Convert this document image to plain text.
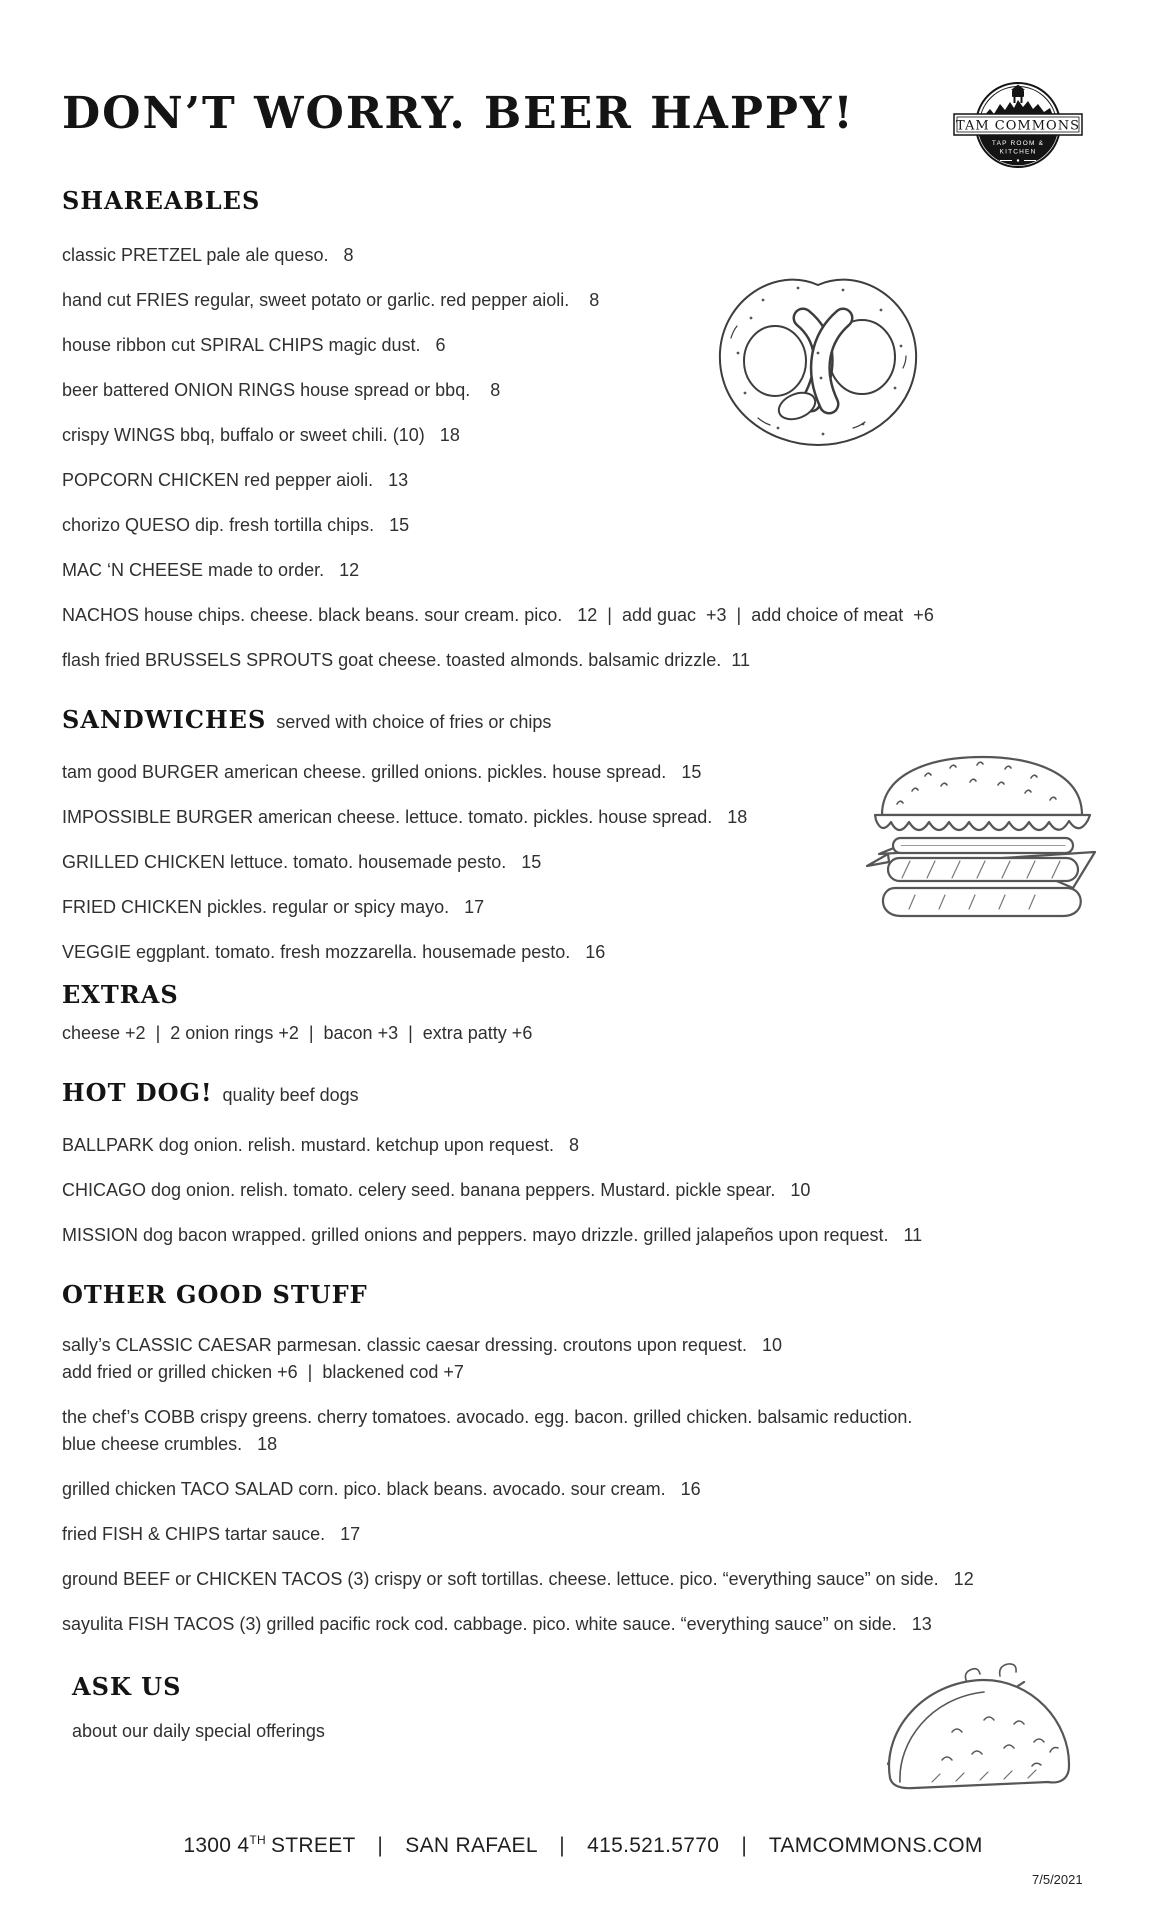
DON’T WORRY. BEER HAPPY!	TAM COMMONS
TAP ROOM &
KITCHEN
SHAREABLES
classic PRETZEL pale ale queso.   8
hand cut FRIES regular, sweet potato or garlic. red pepper aioli.    8
house ribbon cut SPIRAL CHIPS magic dust.   6
beer battered ONION RINGS house spread or bbq.    8
crispy WINGS bbq, buffalo or sweet chili. (10)   18
POPCORN CHICKEN red pepper aioli.   13
chorizo QUESO dip. fresh tortilla chips.   15
MAC ‘N CHEESE made to order.   12
NACHOS house chips. cheese. black beans. sour cream. pico.   12  |  add guac  +3  |  add choice of meat  +6
flash fried BRUSSELS SPROUTS goat cheese. toasted almonds. balsamic drizzle.  11
SANDWICHES served with choice of fries or chips
tam good BURGER american cheese. grilled onions. pickles. house spread.   15
IMPOSSIBLE BURGER american cheese. lettuce. tomato. pickles. house spread.   18
GRILLED CHICKEN lettuce. tomato. housemade pesto.   15
FRIED CHICKEN pickles. regular or spicy mayo.   17
VEGGIE eggplant. tomato. fresh mozzarella. housemade pesto.   16
EXTRAS
cheese +2  |  2 onion rings +2  |  bacon +3  |  extra patty +6
HOT DOG! quality beef dogs
BALLPARK dog onion. relish. mustard. ketchup upon request.   8
CHICAGO dog onion. relish. tomato. celery seed. banana peppers. Mustard. pickle spear.   10
MISSION dog bacon wrapped. grilled onions and peppers. mayo drizzle. grilled jalapeños upon request.   11
OTHER GOOD STUFF
sally’s CLASSIC CAESAR parmesan. classic caesar dressing. croutons upon request.   10
add fried or grilled chicken +6  |  blackened cod +7
the chef’s COBB crispy greens. cherry tomatoes. avocado. egg. bacon. grilled chicken. balsamic reduction.
blue cheese crumbles.   18
grilled chicken TACO SALAD corn. pico. black beans. avocado. sour cream.   16
fried FISH & CHIPS tartar sauce.   17
ground BEEF or CHICKEN TACOS (3) crispy or soft tortillas. cheese. lettuce. pico. “everything sauce” on side.   12
sayulita FISH TACOS (3) grilled pacific rock cod. cabbage. pico. white sauce. “everything sauce” on side.   13
ASK US
about our daily special offerings
1300 4TH STREET | SAN RAFAEL | 415.521.5770 | TAMCOMMONS.COM
7/5/2021
